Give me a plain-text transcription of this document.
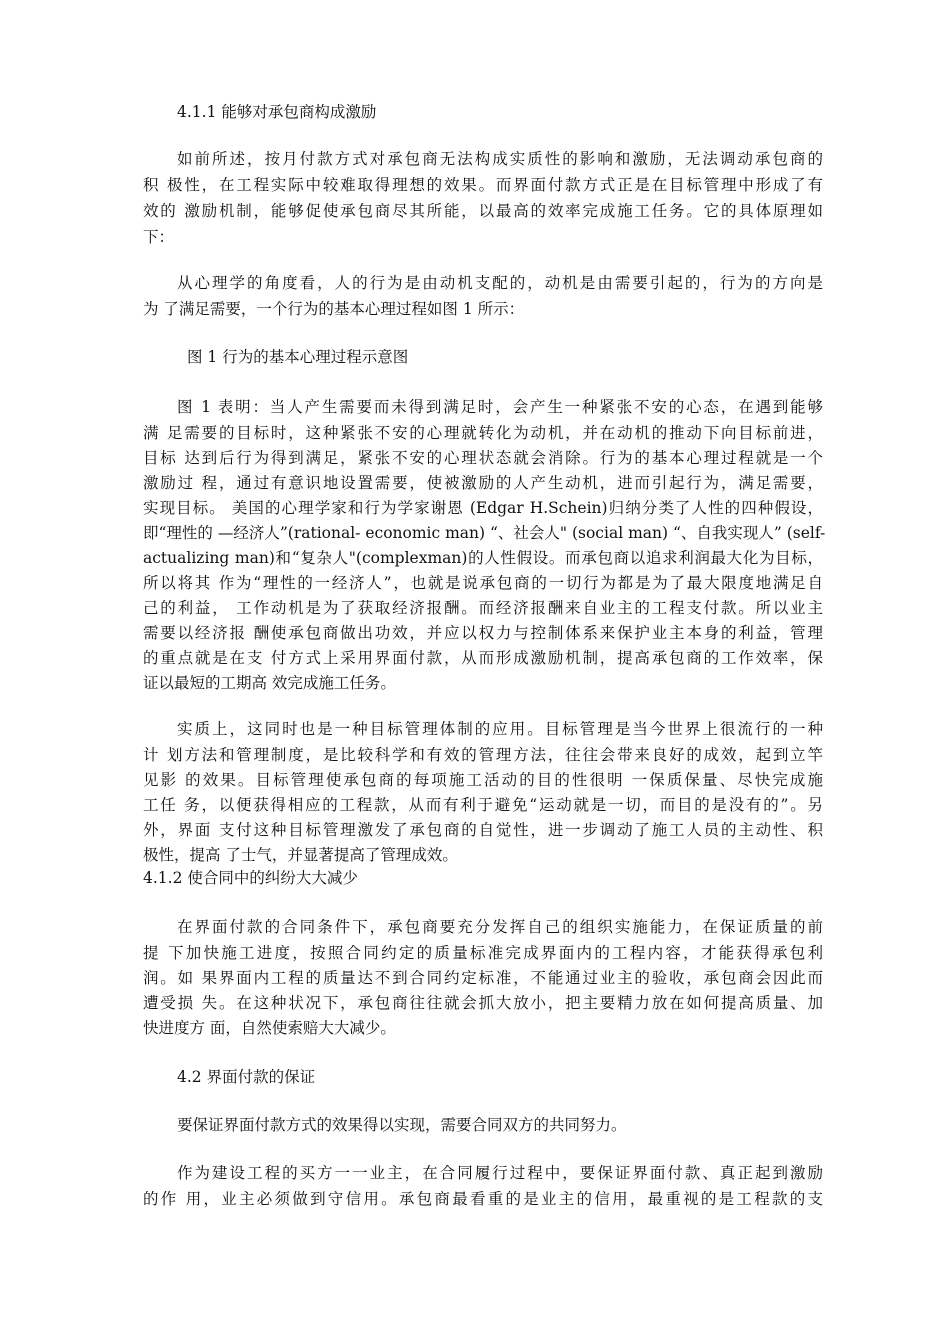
4.1.1 能够对承包商构成激励
如前所述，按月付款方式对承包商无法构成实质性的影响和激励，无法调动承包商的
积 极性，在工程实际中较难取得理想的效果。而界面付款方式正是在目标管理中形成了有
效的 激励机制，能够促使承包商尽其所能，以最高的效率完成施工任务。它的具体原理如
下：
从心理学的角度看，人的行为是由动机支配的，动机是由需要引起的，行为的方向是
为 了满足需要，一个行为的基本心理过程如图 1 所示：
图 1 行为的基本心理过程示意图
图 1 表明：当人产生需要而未得到满足时，会产生一种紧张不安的心态，在遇到能够
满 足需要的目标时，这种紧张不安的心理就转化为动机，并在动机的推动下向目标前进，
目标 达到后行为得到满足，紧张不安的心理状态就会消除。行为的基本心理过程就是一个
激励过 程，通过有意识地设置需要，使被激励的人产生动机，进而引起行为，满足需要，
实现目标。 美国的心理学家和行为学家谢恩 (Edgar H.Schein)归纳分类了人性的四种假设，
即“理性的 —经济人”(rational- economic man) “、社会人" (social man) “、自我实现人” (self-
actualizing man)和“复杂人"(complexman)的人性假设。而承包商以追求利润最大化为目标，
所以将其 作为“理性的一经济人”，也就是说承包商的一切行为都是为了最大限度地满足自
己的利益， 工作动机是为了获取经济报酬。而经济报酬来自业主的工程支付款。所以业主
需要以经济报 酬使承包商做出功效，并应以权力与控制体系来保护业主本身的利益，管理
的重点就是在支 付方式上采用界面付款，从而形成激励机制，提高承包商的工作效率，保
证以最短的工期高 效完成施工任务。
实质上，这同时也是一种目标管理体制的应用。目标管理是当今世界上很流行的一种
计 划方法和管理制度，是比较科学和有效的管理方法，往往会带来良好的成效，起到立竿
见影 的效果。目标管理使承包商的每项施工活动的目的性很明 一保质保量、尽快完成施
工任 务，以便获得相应的工程款，从而有利于避免“运动就是一切，而目的是没有的”。另
外，界面 支付这种目标管理激发了承包商的自觉性，进一步调动了施工人员的主动性、积
极性，提高 了士气，并显著提高了管理成效。
4.1.2 使合同中的纠纷大大减少
在界面付款的合同条件下，承包商要充分发挥自己的组织实施能力，在保证质量的前
提 下加快施工进度，按照合同约定的质量标准完成界面内的工程内容，才能获得承包利
润。如 果界面内工程的质量达不到合同约定标准，不能通过业主的验收，承包商会因此而
遭受损 失。在这种状况下，承包商往往就会抓大放小，把主要精力放在如何提高质量、加
快进度方 面，自然使索赔大大减少。
4.2 界面付款的保证
要保证界面付款方式的效果得以实现，需要合同双方的共同努力。
作为建设工程的买方一一业主，在合同履行过程中，要保证界面付款、真正起到激励
的作 用，业主必须做到守信用。承包商最看重的是业主的信用，最重视的是工程款的支
